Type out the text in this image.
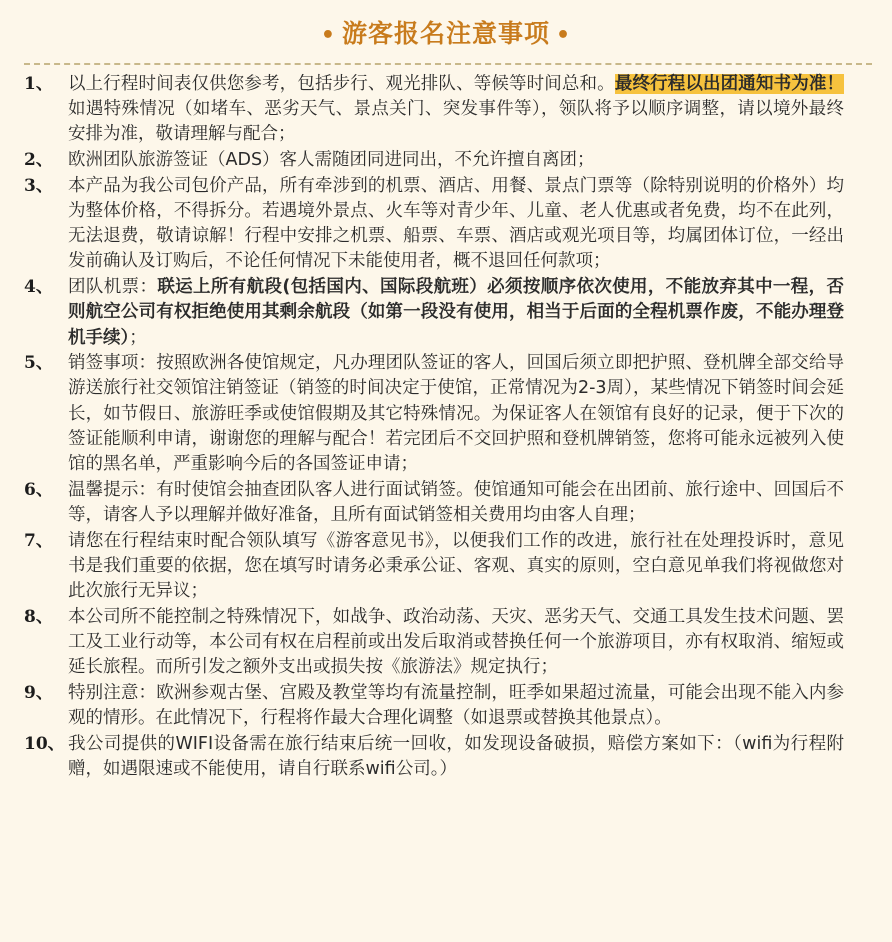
• 游客报名注意事项 •
1、 以上行程时间表仅供您参考，包括步行、观光排队、等候等时间总和。最终行程以出团通知书为准！如遇特殊情况（如堵车、恶劣天气、景点关门、突发事件等），领队将予以顺序调整，请以境外最终安排为准，敬请理解与配合；
2、 欧洲团队旅游签证（ADS）客人需随团同进同出，不允许擅自离团；
3、 本产品为我公司包价产品，所有牵涉到的机票、酒店、用餐、景点门票等（除特别说明的价格外）均为整体价格，不得拆分。若遇境外景点、火车等对青少年、儿童、老人优惠或者免费，均不在此列，无法退费，敬请谅解！行程中安排之机票、船票、车票、酒店或观光项目等，均属团体订位，一经出发前确认及订购后，不论任何情况下未能使用者，概不退回任何款项；
4、 团队机票：联运上所有航段(包括国内、国际段航班）必须按顺序依次使用，不能放弃其中一程，否则航空公司有权拒绝使用其剩余航段（如第一段没有使用，相当于后面的全程机票作废，不能办理登机手续）；
5、 销签事项：按照欧洲各使馆规定，凡办理团队签证的客人，回国后须立即把护照、登机牌全部交给导游送旅行社交领馆注销签证（销签的时间决定于使馆，正常情况为2-3周），某些情况下销签时间会延长，如节假日、旅游旺季或使馆假期及其它特殊情况。为保证客人在领馆有良好的记录，便于下次的签证能顺利申请，谢谢您的理解与配合！若完团后不交回护照和登机牌销签，您将可能永远被列入使馆的黑名单，严重影响今后的各国签证申请；
6、 温馨提示：有时使馆会抽查团队客人进行面试销签。使馆通知可能会在出团前、旅行途中、回国后不等，请客人予以理解并做好准备，且所有面试销签相关费用均由客人自理；
7、 请您在行程结束时配合领队填写《游客意见书》，以便我们工作的改进，旅行社在处理投诉时，意见书是我们重要的依据，您在填写时请务必秉承公证、客观、真实的原则，空白意见单我们将视做您对此次旅行无异议；
8、 本公司所不能控制之特殊情况下，如战争、政治动荡、天灾、恶劣天气、交通工具发生技术问题、罢工及工业行动等，本公司有权在启程前或出发后取消或替换任何一个旅游项目，亦有权取消、缩短或延长旅程。而所引发之额外支出或损失按《旅游法》规定执行；
9、 特别注意：欧洲参观古堡、宫殿及教堂等均有流量控制，旺季如果超过流量，可能会出现不能入内参观的情形。在此情况下，行程将作最大合理化调整（如退票或替换其他景点）。
10、 我公司提供的WIFI设备需在旅行结束后统一回收，如发现设备破损，赔偿方案如下：（wifi为行程附赠，如遇限速或不能使用，请自行联系wifi公司。）
